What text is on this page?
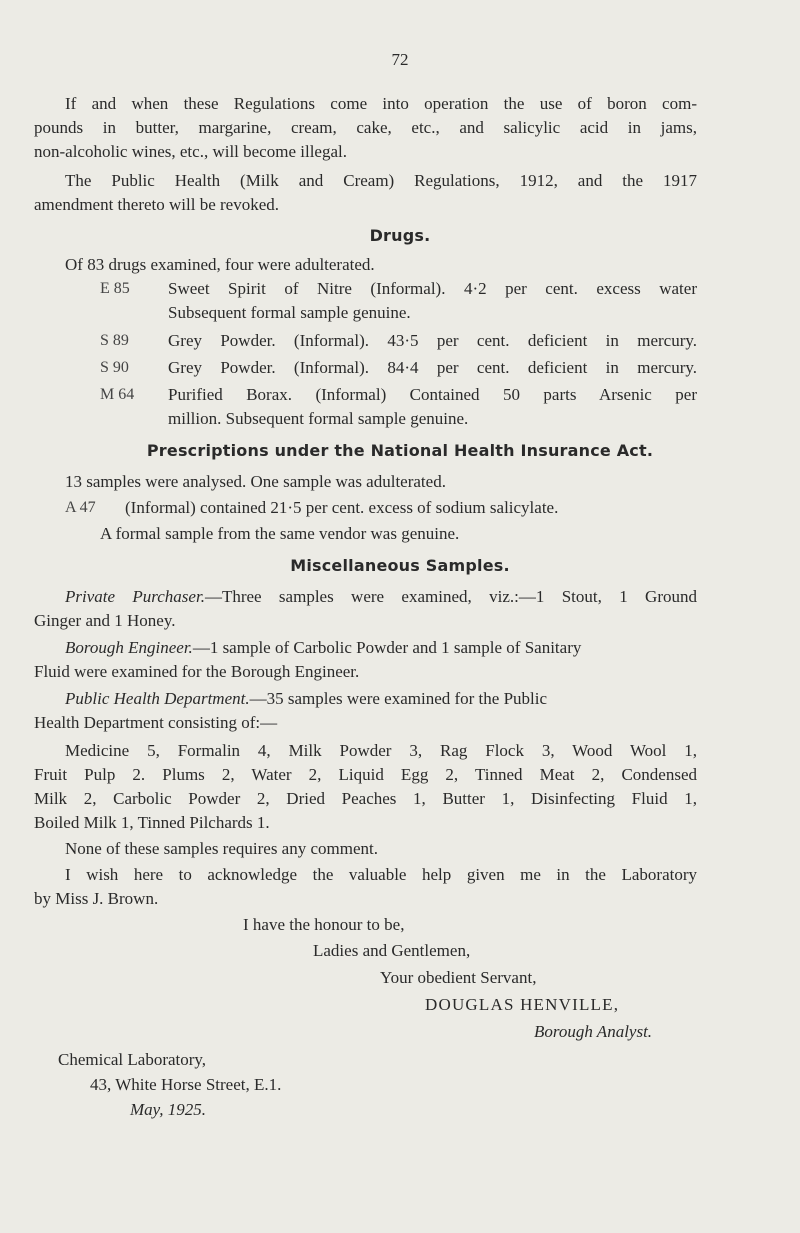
72
If and when these Regulations come into operation the use of boron com-
pounds in butter, margarine, cream, cake, etc., and salicylic acid in jams,
non-alcoholic wines, etc., will become illegal.
The Public Health (Milk and Cream) Regulations, 1912, and the 1917
amendment thereto will be revoked.
Drugs.
Of 83 drugs examined, four were adulterated.
E 85 Sweet Spirit of Nitre (Informal). 4·2 per cent. excess water
Subsequent formal sample genuine.
S 89 Grey Powder. (Informal). 43·5 per cent. deficient in mercury.
S 90 Grey Powder. (Informal). 84·4 per cent. deficient in mercury.
M 64 Purified Borax. (Informal) Contained 50 parts Arsenic per
million. Subsequent formal sample genuine.
Prescriptions under the National Health Insurance Act.
13 samples were analysed. One sample was adulterated.
A 47 (Informal) contained 21·5 per cent. excess of sodium salicylate.
A formal sample from the same vendor was genuine.
Miscellaneous Samples.
Private Purchaser.—Three samples were examined, viz.:—1 Stout, 1 Ground
Ginger and 1 Honey.
Borough Engineer.—1 sample of Carbolic Powder and 1 sample of Sanitary
Fluid were examined for the Borough Engineer.
Public Health Department.—35 samples were examined for the Public
Health Department consisting of:—
Medicine 5, Formalin 4, Milk Powder 3, Rag Flock 3, Wood Wool 1,
Fruit Pulp 2. Plums 2, Water 2, Liquid Egg 2, Tinned Meat 2, Condensed
Milk 2, Carbolic Powder 2, Dried Peaches 1, Butter 1, Disinfecting Fluid 1,
Boiled Milk 1, Tinned Pilchards 1.
None of these samples requires any comment.
I wish here to acknowledge the valuable help given me in the Laboratory
by Miss J. Brown.
I have the honour to be,
Ladies and Gentlemen,
Your obedient Servant,
DOUGLAS HENVILLE,
Borough Analyst.
Chemical Laboratory,
43, White Horse Street, E.1.
May, 1925.
